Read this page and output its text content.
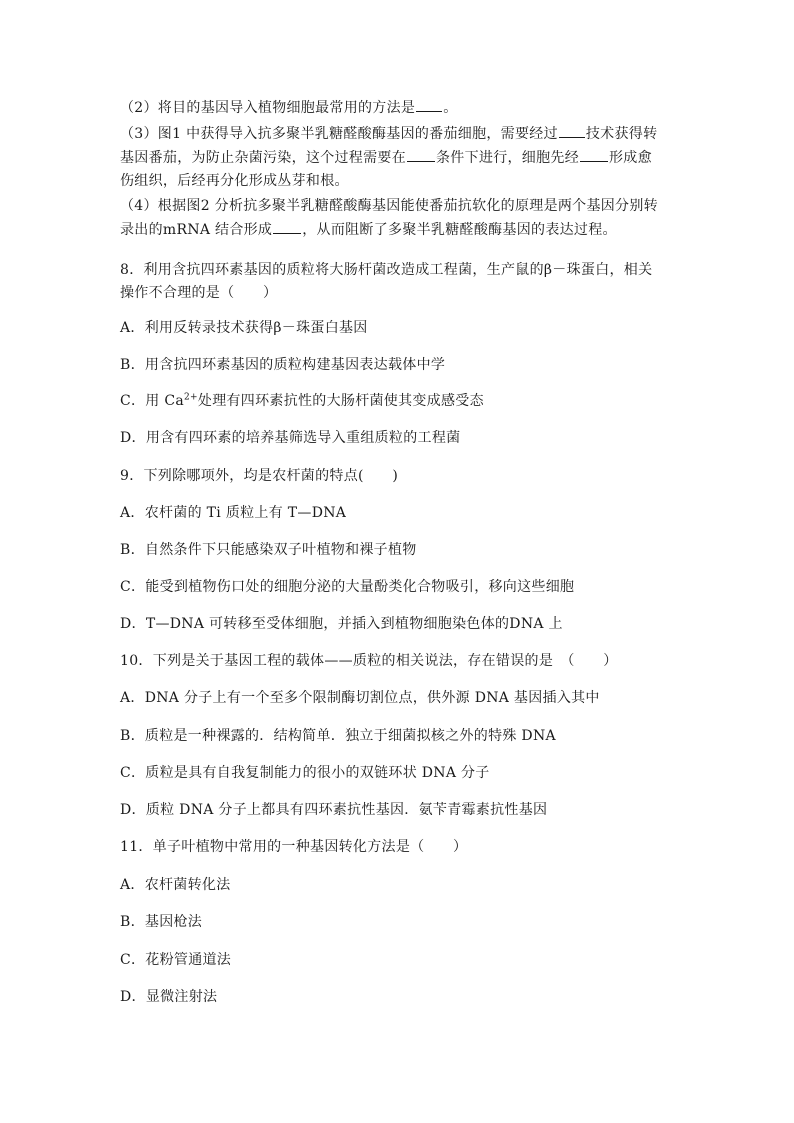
（2）将目的基因导入植物细胞最常用的方法是 。
（3）图1 中获得导入抗多聚半乳糖醛酸酶基因的番茄细胞，需要经过 技术获得转
基因番茄，为防止杂菌污染，这个过程需要在 条件下进行，细胞先经 形成愈
伤组织，后经再分化形成丛芽和根。
（4）根据图2 分析抗多聚半乳糖醛酸酶基因能使番茄抗软化的原理是两个基因分别转
录出的mRNA 结合形成 ，从而阻断了多聚半乳糖醛酸酶基因的表达过程。
8．利用含抗四环素基因的质粒将大肠杆菌改造成工程菌，生产鼠的β－珠蛋白，相关
操作不合理的是（　　）
A．利用反转录技术获得β－珠蛋白基因
B．用含抗四环素基因的质粒构建基因表达载体中学
C．用 $Ca^{2+}$处理有四环素抗性的大肠杆菌使其变成感受态
D．用含有四环素的培养基筛选导入重组质粒的工程菌
9．下列除哪项外，均是农杆菌的特点(　　)
A．农杆菌的 Ti 质粒上有 T—DNA
B．自然条件下只能感染双子叶植物和裸子植物
C．能受到植物伤口处的细胞分泌的大量酚类化合物吸引，移向这些细胞
D．T—DNA 可转移至受体细胞，并插入到植物细胞染色体的DNA 上
10．下列是关于基因工程的载体——质粒的相关说法，存在错误的是　（　　）
A．DNA 分子上有一个至多个限制酶切割位点，供外源 DNA 基因插入其中
B．质粒是一种裸露的．结构简单．独立于细菌拟核之外的特殊 DNA
C．质粒是具有自我复制能力的很小的双链环状 DNA 分子
D．质粒 DNA 分子上都具有四环素抗性基因．氨苄青霉素抗性基因
11．单子叶植物中常用的一种基因转化方法是（　　）
A．农杆菌转化法
B．基因枪法
C．花粉管通道法
D．显微注射法
